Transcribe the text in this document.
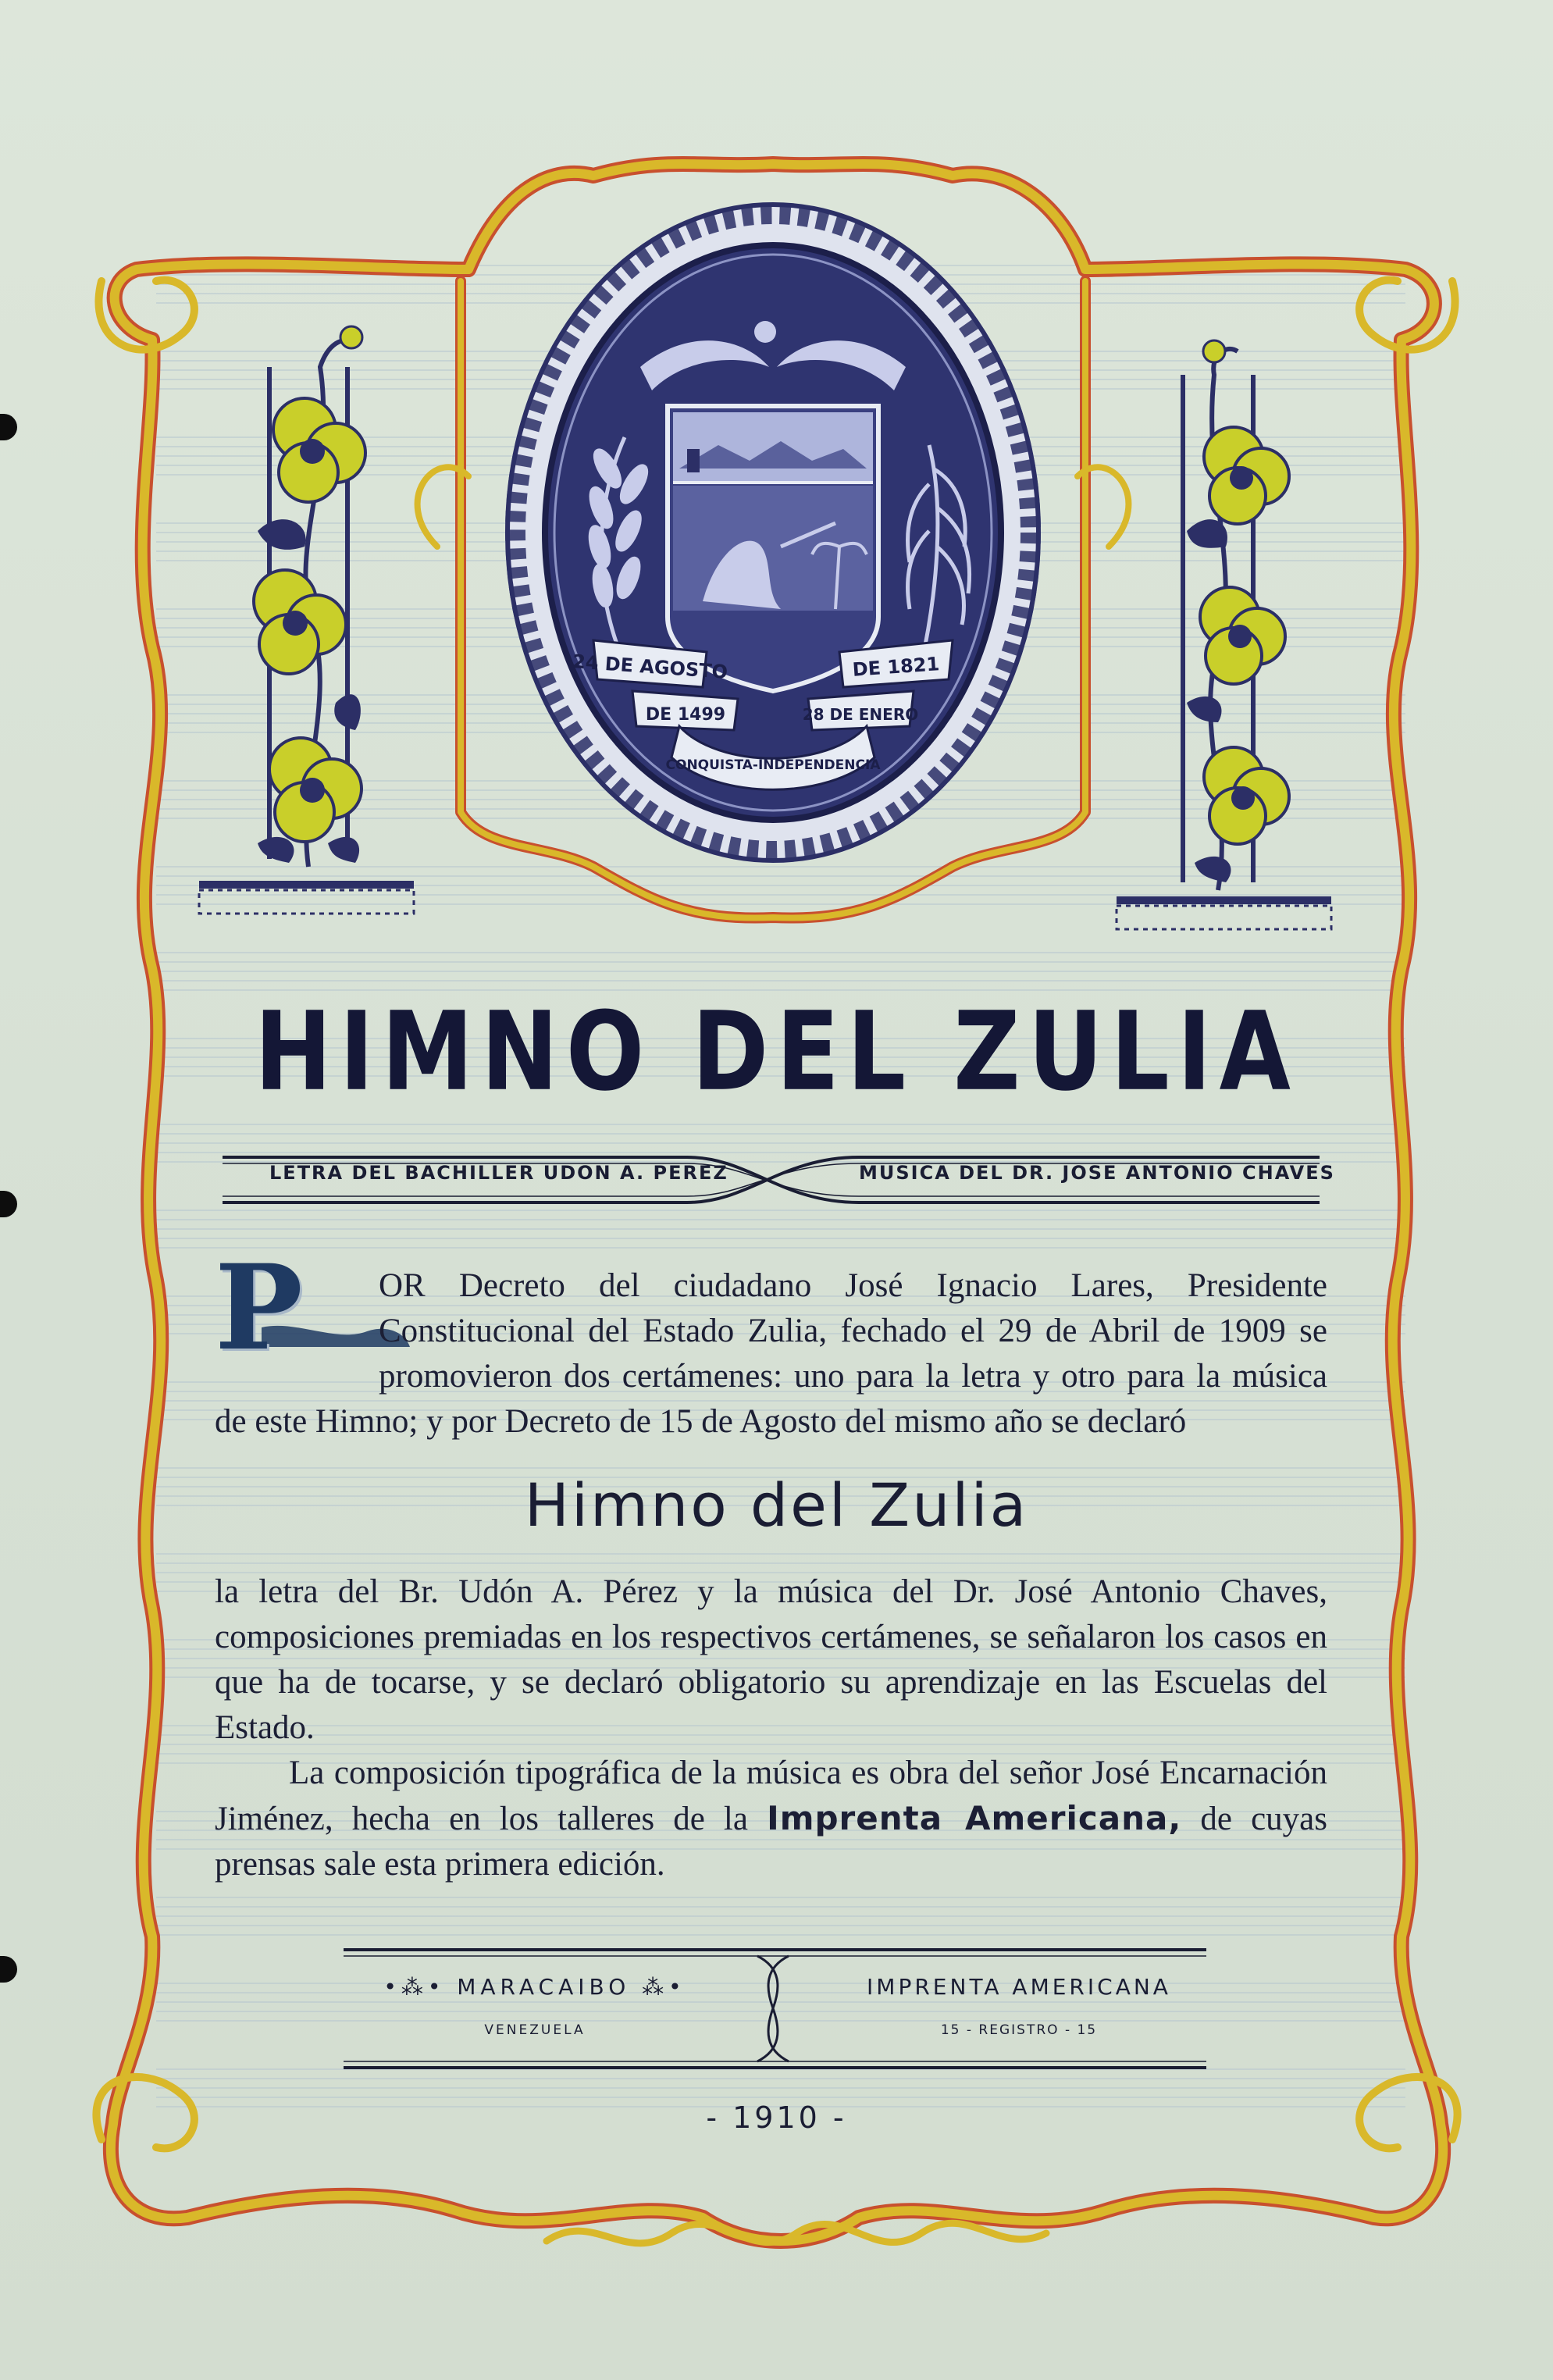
24 DE AGOSTO	DE 1821
DE 1499	28 DE ENERO
CONQUISTA-INDEPENDENCIA
HIMNO DEL ZULIA
LETRA DEL BACHILLER UDON A. PEREZ	MUSICA DEL DR. JOSE ANTONIO CHAVES
P OR Decreto del ciudadano José Ignacio Lares, Presidente Constitucional del Estado Zulia, fechado el 29 de Abril de 1909 se promovieron dos certámenes: uno para la letra y otro para la música de este Himno; y por Decreto de 15 de Agosto del mismo año se declaró
Himno del Zulia
la letra del Br. Udón A. Pérez y la música del Dr. José Antonio Chaves, composiciones premiadas en los respectivos certámenes, se señalaron los casos en que ha de tocarse, y se declaró obligatorio su aprendizaje en las Escuelas del Estado.
La composición tipográfica de la música es obra del señor José Encarnación Jiménez, hecha en los talleres de la Imprenta Americana, de cuyas prensas sale esta primera edición.
•⁂• MARACAIBO ⁂•
VENEZUELA
IMPRENTA AMERICANA
15 - REGISTRO - 15
- 1910 -
